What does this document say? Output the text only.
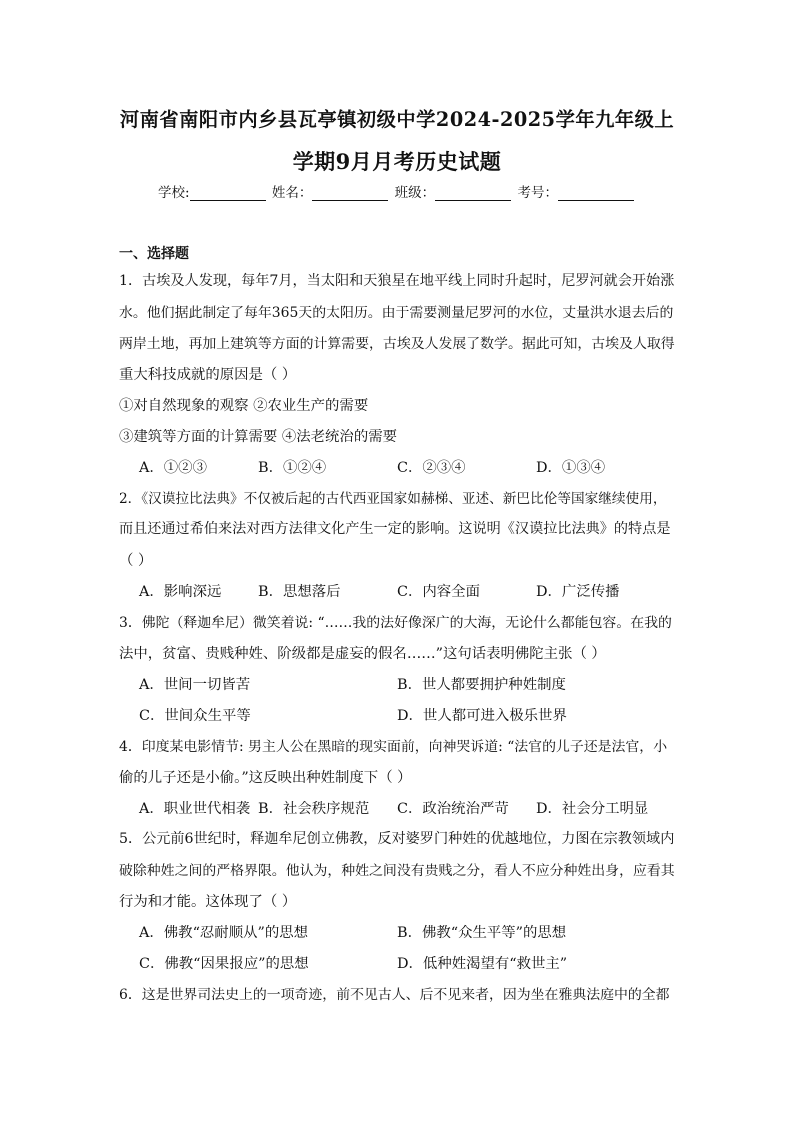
河南省南阳市内乡县瓦亭镇初级中学2024-2025学年九年级上
学期9月月考历史试题
学校:	姓名：	班级：	考号：
一、选择题
1．古埃及人发现，每年7月，当太阳和天狼星在地平线上同时升起时，尼罗河就会开始涨
水。他们据此制定了每年365天的太阳历。由于需要测量尼罗河的水位，丈量洪水退去后的
两岸土地，再加上建筑等方面的计算需要，古埃及人发展了数学。据此可知，古埃及人取得
重大科技成就的原因是（ ）
①对自然现象的观察 ②农业生产的需要
③建筑等方面的计算需要 ④法老统治的需要
A．①②③	B．①②④	C．②③④	D．①③④
2．《汉谟拉比法典》不仅被后起的古代西亚国家如赫梯、亚述、新巴比伦等国家继续使用，
而且还通过希伯来法对西方法律文化产生一定的影响。这说明《汉谟拉比法典》的特点是
（ ）
A．影响深远	B．思想落后	C．内容全面	D．广泛传播
3．佛陀（释迦牟尼）微笑着说: “……我的法好像深广的大海，无论什么都能包容。在我的
法中，贫富、贵贱种姓、阶级都是虚妄的假名……”这句话表明佛陀主张（ ）
A．世间一切皆苦	B．世人都要拥护种姓制度
C．世间众生平等	D．世人都可进入极乐世界
4．印度某电影情节: 男主人公在黑暗的现实面前，向神哭诉道: “法官的儿子还是法官，小
偷的儿子还是小偷。”这反映出种姓制度下（ ）
A．职业世代相袭 B．社会秩序规范 C．政治统治严苛 D．社会分工明显
5．公元前6世纪时，释迦牟尼创立佛教，反对婆罗门种姓的优越地位，力图在宗教领域内
破除种姓之间的严格界限。他认为，种姓之间没有贵贱之分，看人不应分种姓出身，应看其
行为和才能。这体现了（ ）
A．佛教“忍耐顺从”的思想	B．佛教“众生平等”的思想
C．佛教“因果报应”的思想	D．低种姓渴望有“救世主”
6．这是世界司法史上的一项奇迹，前不见古人、后不见来者，因为坐在雅典法庭中的全都
